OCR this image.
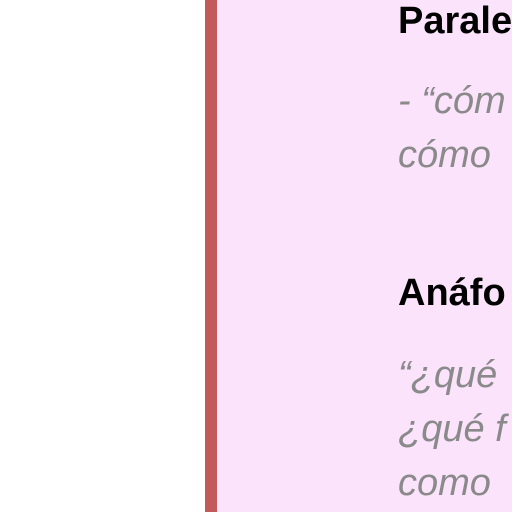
Parale
- “cóm
cómo
Anáfo
“¿qué
¿qué f
como
